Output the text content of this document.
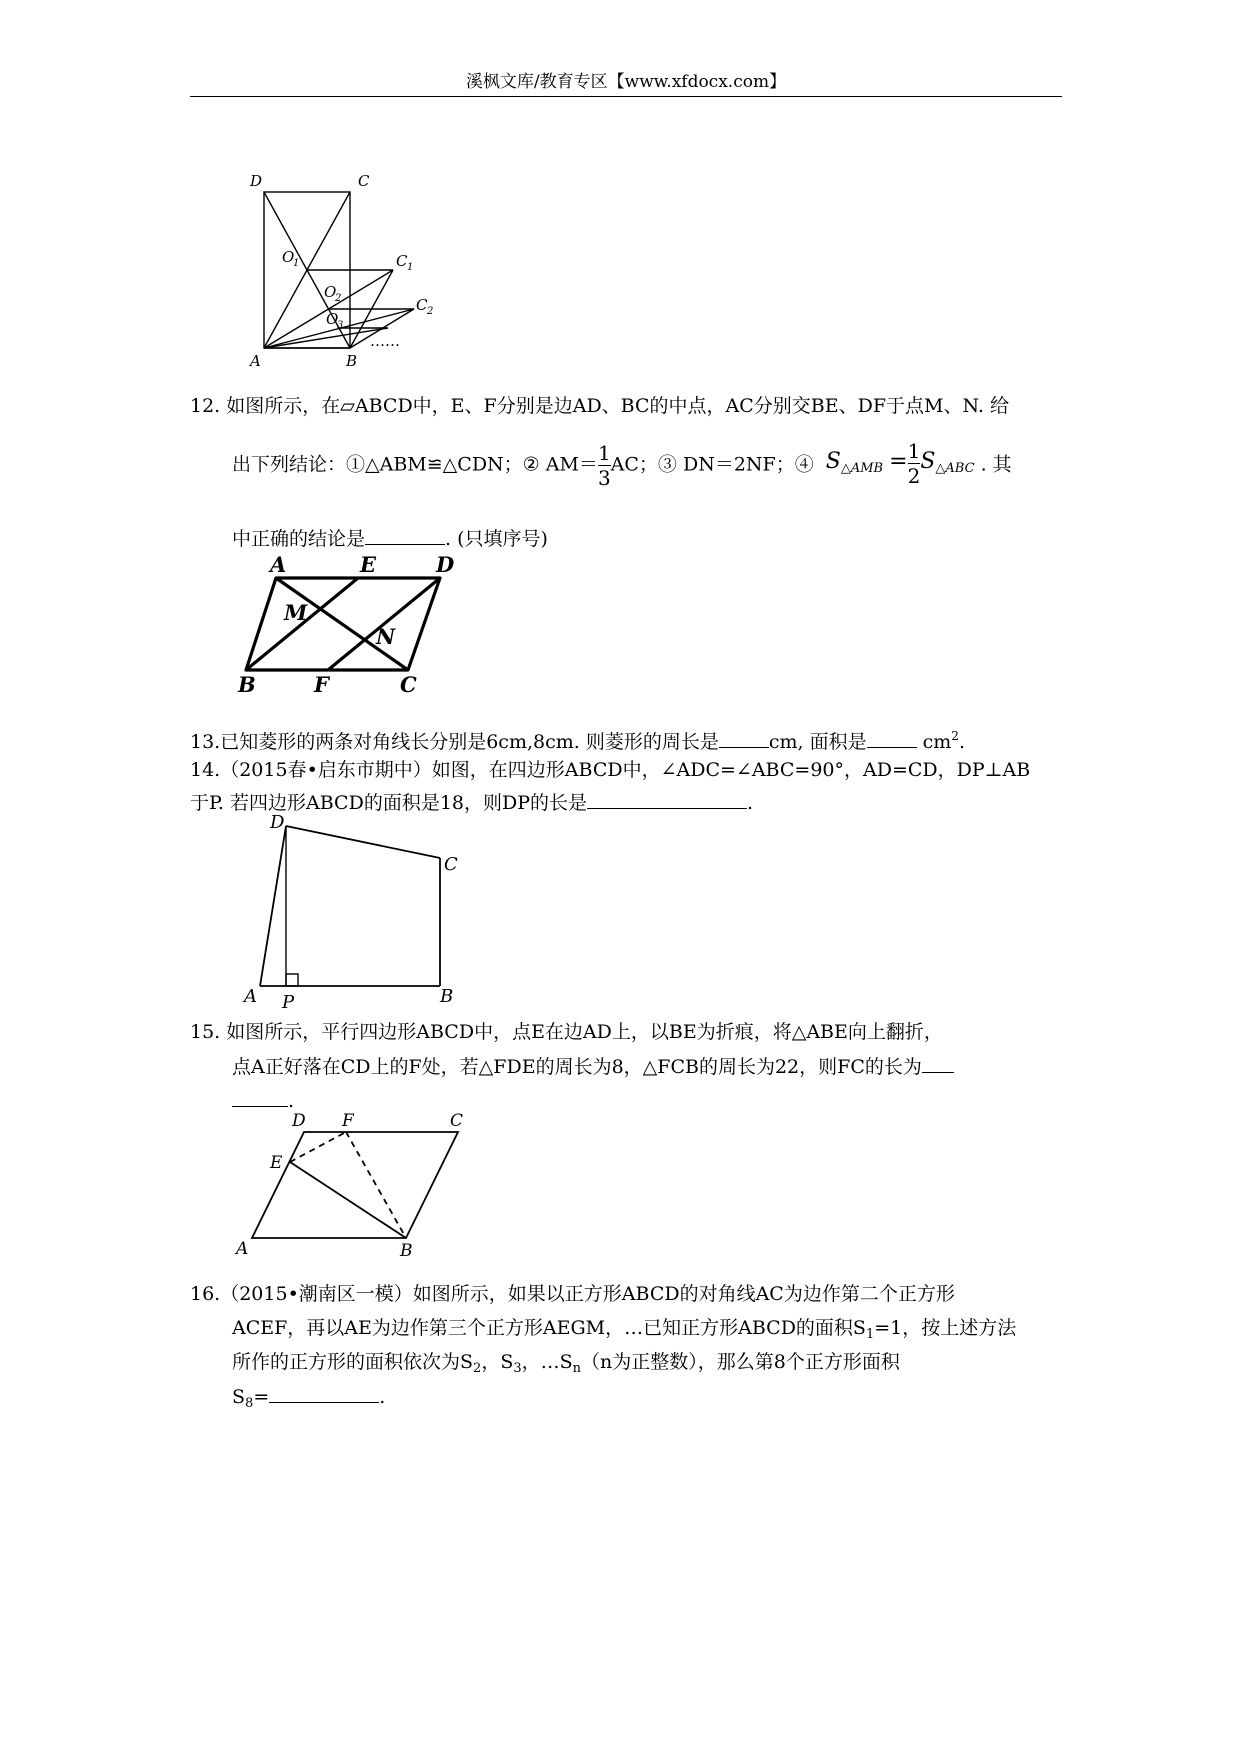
溪枫文库/教育专区【www.xfdocx.com】
D	C
O
1	C 1
O
2	C 2
O
3
A	B
……
12. 如图所示，在▱ABCD中，E、F分别是边AD、BC的中点，AC分别交BE、DF于点M、N. 给
出下列结论：①△ABM≌△CDN；② $AM= \frac{1}{3}$ AC；③ DN＝2NF；④ $S_{\triangle AMB} = \frac{1}{2} S_{\triangle ABC}$ . 其
中正确的结论是	. (只填序号)
A	E	D
M
N
B	F	C
13.已知菱形的两条对角线长分别是6cm,8cm. 则菱形的周长是	cm, 面积是	$cm^2$.
14.（2015春•启东市期中）如图，在四边形ABCD中，∠ADC=∠ABC=90°，AD=CD，DP⊥AB
于P. 若四边形ABCD的面积是18，则DP的长是	.
D
C
A P	B
15. 如图所示，平行四边形ABCD中，点E在边AD上，以BE为折痕，将△ABE向上翻折，
点A正好落在CD上的F处，若△FDE的周长为8，△FCB的周长为22，则FC的长为
.
D F	C
E
A	B
16.（2015•潮南区一模）如图所示，如果以正方形ABCD的对角线AC为边作第二个正方形
ACEF，再以AE为边作第三个正方形AEGM，…已知正方形ABCD的面积$S_1=1$，按上述方法
所作的正方形的面积依次为$S_2$，$S_3$，$\dots S_n(n$为正整数），那么第8个正方形面积
$S_8=$	.
